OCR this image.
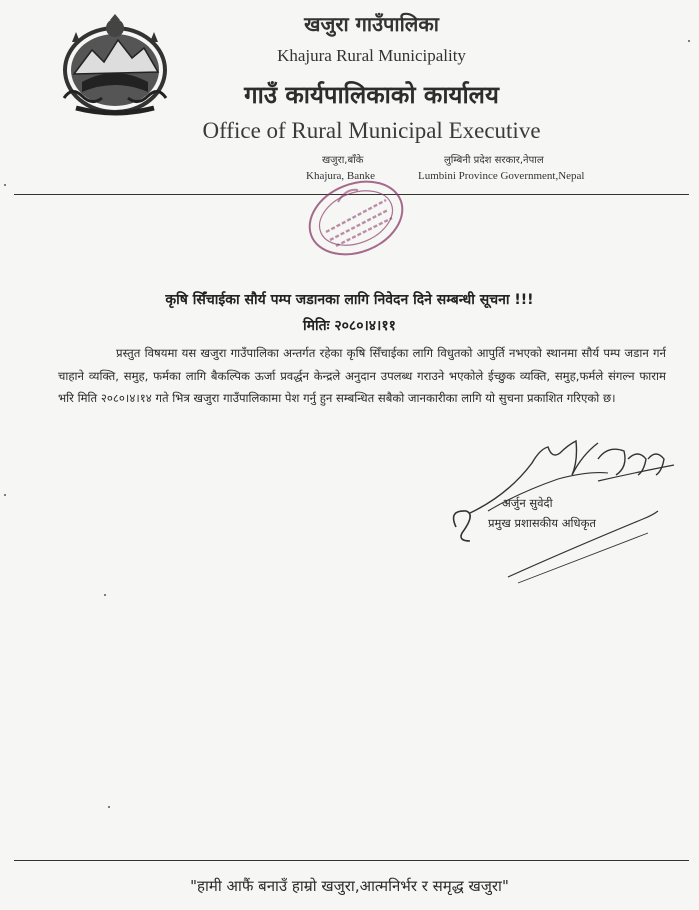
खजुरा गाउँपालिका
Khajura Rural Municipality
गाउँ कार्यपालिकाको कार्यालय
Office of Rural Municipal Executive
खजुरा,बाँके
Khajura, Banke
लुम्बिनी प्रदेश सरकार,नेपाल
Lumbini Province Government,Nepal
कृषि सिँचाईका सौर्य पम्प जडानका लागि निवेदन दिने सम्बन्धी सूचना !!!
मितिः २०८०।४।११
प्रस्तुत विषयमा यस खजुरा गाउँपालिका अन्तर्गत रहेका कृषि सिँचाईका लागि विधुतको आपुर्ति नभएको स्थानमा सौर्य पम्प जडान गर्न चाहाने व्यक्ति, समुह, फर्मका लागि बैकल्पिक ऊर्जा प्रवर्द्धन केन्द्रले अनुदान उपलब्ध गराउने भएकोले ईच्छुक व्यक्ति, समुह,फर्मले संगल्न फाराम भरि मिति २०८०।४।१४ गते भित्र खजुरा गाउँपालिकामा पेश गर्नु हुन सम्बन्धित सबैको जानकारीका लागि यो सुचना प्रकाशित गरिएको छ।
अर्जुन सुवेदी
प्रमुख प्रशासकीय अधिकृत
"हामी आफैं बनाउँ हाम्रो खजुरा,आत्मनिर्भर र समृद्ध खजुरा"
